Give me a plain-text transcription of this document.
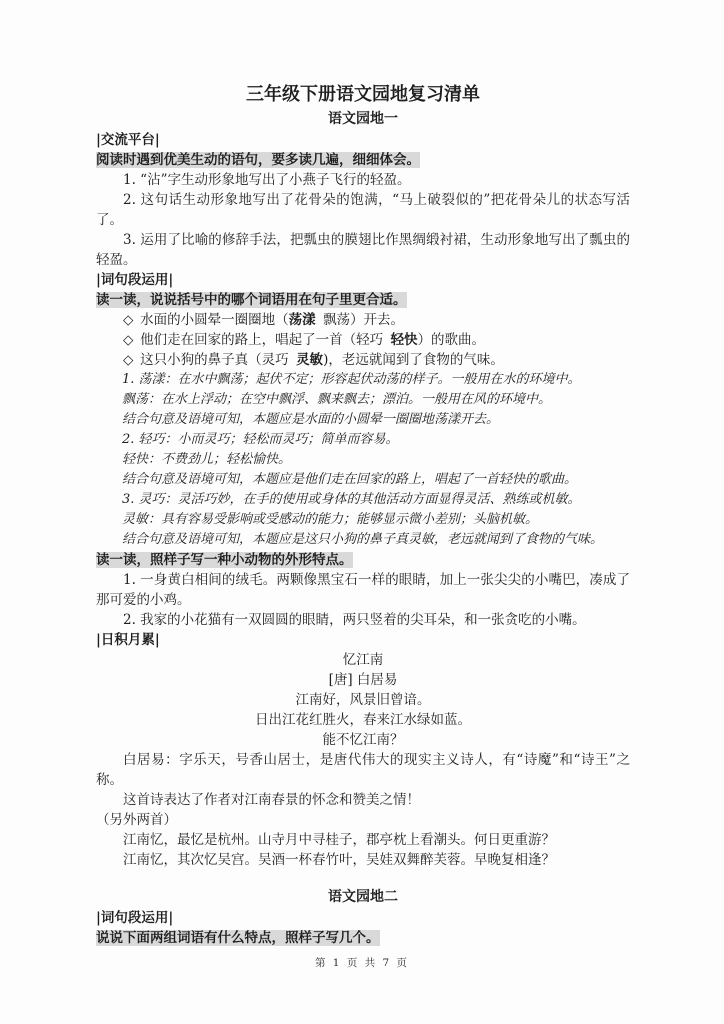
三年级下册语文园地复习清单
语文园地一
|交流平台|
阅读时遇到优美生动的语句，要多读几遍，细细体会。
1. “沾”字生动形象地写出了小燕子飞行的轻盈。
2. 这句话生动形象地写出了花骨朵的饱满，“马上破裂似的”把花骨朵儿的状态写活了。
3. 运用了比喻的修辞手法，把瓢虫的膜翅比作黑绸缎衬裙，生动形象地写出了瓢虫的轻盈。
|词句段运用|
读一读，说说括号中的哪个词语用在句子里更合适。
◇ 水面的小圆晕一圈圈地（荡漾 飘荡）开去。
◇ 他们走在回家的路上，唱起了一首（轻巧 轻快）的歌曲。
◇ 这只小狗的鼻子真（灵巧 灵敏)，老远就闻到了食物的气味。
1. 荡漾：在水中飘荡；起伏不定；形容起伏动荡的样子。一般用在水的环境中。
飘荡：在水上浮动；在空中飘浮、飘来飘去；漂泊。一般用在风的环境中。
结合句意及语境可知，本题应是水面的小圆晕一圈圈地荡漾开去。
2. 轻巧：小而灵巧；轻松而灵巧；简单而容易。
轻快：不费劲儿；轻松愉快。
结合句意及语境可知，本题应是他们走在回家的路上，唱起了一首轻快的歌曲。
3. 灵巧：灵活巧妙，在手的使用或身体的其他活动方面显得灵活、熟练或机敏。
灵敏：具有容易受影响或受感动的能力；能够显示微小差别；头脑机敏。
结合句意及语境可知，本题应是这只小狗的鼻子真灵敏，老远就闻到了食物的气味。
读一读，照样子写一种小动物的外形特点。
1. 一身黄白相间的绒毛。两颗像黑宝石一样的眼睛，加上一张尖尖的小嘴巴，凑成了那可爱的小鸡。
2. 我家的小花猫有一双圆圆的眼睛，两只竖着的尖耳朵，和一张贪吃的小嘴。
|日积月累|
忆江南
[唐] 白居易
江南好，风景旧曾谙。
日出江花红胜火，春来江水绿如蓝。
能不忆江南？
白居易：字乐天，号香山居士，是唐代伟大的现实主义诗人，有“诗魔”和“诗王”之称。
这首诗表达了作者对江南春景的怀念和赞美之情！
（另外两首）
江南忆，最忆是杭州。山寺月中寻桂子，郡亭枕上看潮头。何日更重游？
江南忆，其次忆吴宫。吴酒一杯春竹叶，吴娃双舞醉芙蓉。早晚复相逢？
语文园地二
|词句段运用|
说说下面两组词语有什么特点，照样子写几个。
第 1 页 共 7 页
